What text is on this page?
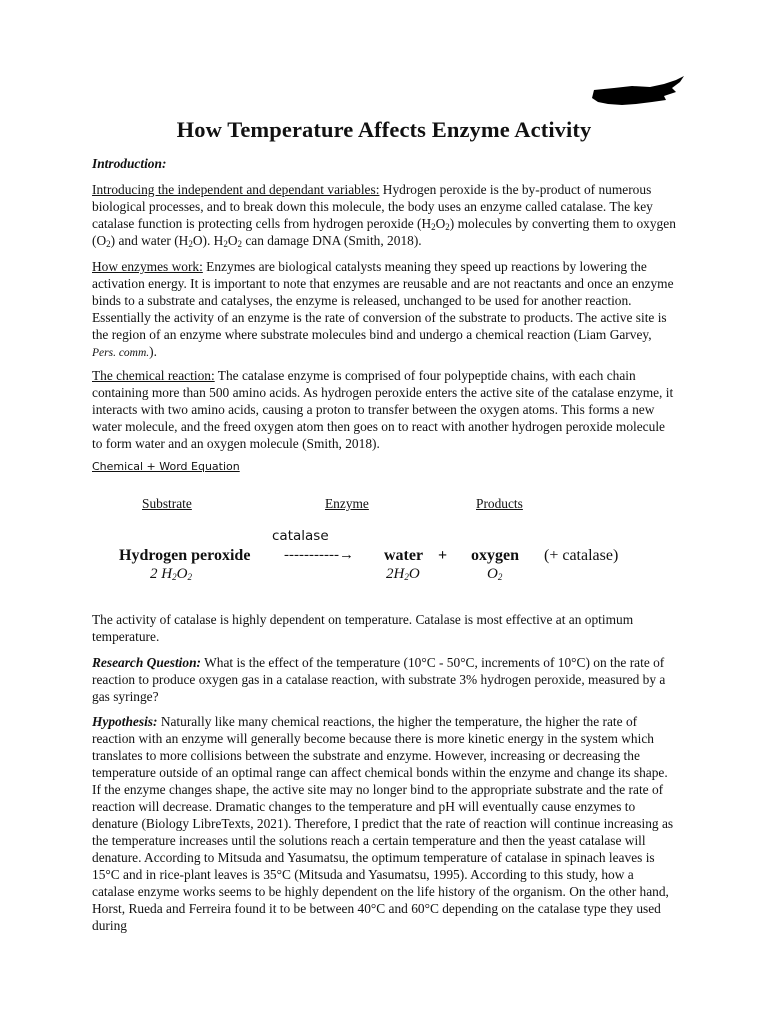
How Temperature Affects Enzyme Activity

Introduction:

Introducing the independent and dependant variables: Hydrogen peroxide is the by-product of numerous biological processes, and to break down this molecule, the body uses an enzyme called catalase. The key catalase function is protecting cells from hydrogen peroxide $(H_2O_2)$ molecules by converting them to oxygen $(O_2)$ and water $(H_2O)$. $H_2O_2$ can damage DNA (Smith, 2018).

How enzymes work: Enzymes are biological catalysts meaning they speed up reactions by lowering the activation energy. It is important to note that enzymes are reusable and are not reactants and once an enzyme binds to a substrate and catalyses, the enzyme is released, unchanged to be used for another reaction. Essentially the activity of an enzyme is the rate of conversion of the substrate to products. The active site is the region of an enzyme where substrate molecules bind and undergo a chemical reaction (Liam Garvey, Pers. comm.).

The chemical reaction: The catalase enzyme is comprised of four polypeptide chains, with each chain containing more than 500 amino acids. As hydrogen peroxide enters the active site of the catalase enzyme, it interacts with two amino acids, causing a proton to transfer between the oxygen atoms. This forms a new water molecule, and the freed oxygen atom then goes on to react with another hydrogen peroxide molecule to form water and an oxygen molecule (Smith, 2018).

Chemical + Word Equation

Substrate	Enzyme	Products

catalase

Hydrogen peroxide -----------→ water + oxygen (+ catalase)

2 $H_2O_2$	$2H_2O$	$O_2$

The activity of catalase is highly dependent on temperature. Catalase is most effective at an optimum temperature.

Research Question: What is the effect of the temperature (10°C - 50°C, increments of 10°C) on the rate of reaction to produce oxygen gas in a catalase reaction, with substrate 3% hydrogen peroxide, measured by a gas syringe?

Hypothesis: Naturally like many chemical reactions, the higher the temperature, the higher the rate of reaction with an enzyme will generally become because there is more kinetic energy in the system which translates to more collisions between the substrate and enzyme. However, increasing or decreasing the temperature outside of an optimal range can affect chemical bonds within the enzyme and change its shape. If the enzyme changes shape, the active site may no longer bind to the appropriate substrate and the rate of reaction will decrease. Dramatic changes to the temperature and pH will eventually cause enzymes to denature (Biology LibreTexts, 2021). Therefore, I predict that the rate of reaction will continue increasing as the temperature increases until the solutions reach a certain temperature and then the yeast catalase will denature. According to Mitsuda and Yasumatsu, the optimum temperature of catalase in spinach leaves is 15°C and in rice-plant leaves is 35°C (Mitsuda and Yasumatsu, 1995). According to this study, how a catalase enzyme works seems to be highly dependent on the life history of the organism. On the other hand, Horst, Rueda and Ferreira found it to be between 40°C and 60°C depending on the catalase type they used during
